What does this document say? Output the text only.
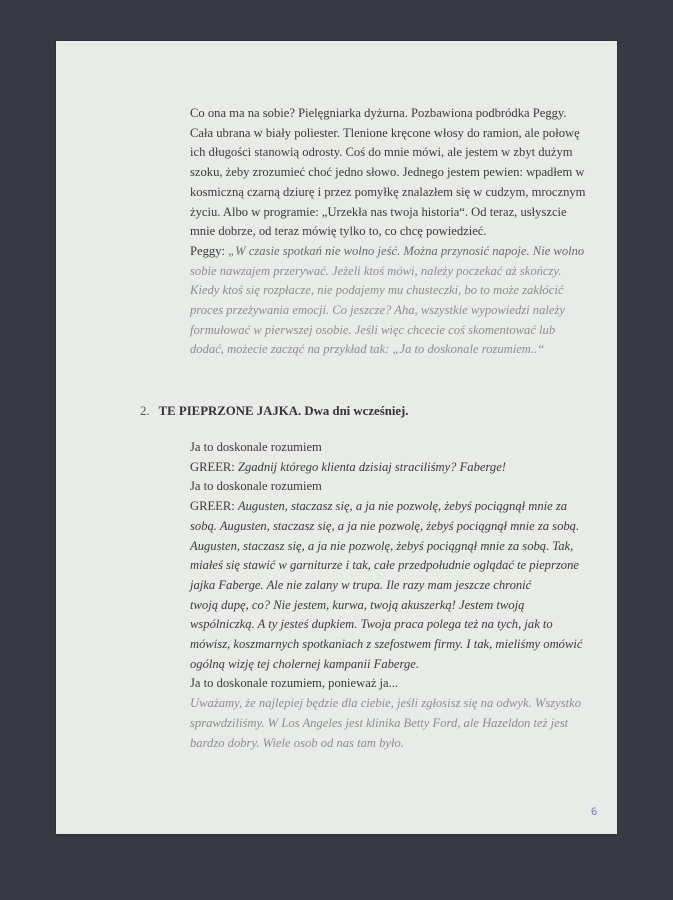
Co ona ma na sobie? Pielęgniarka dyżurna. Pozbawiona podbródka Peggy.
Cała ubrana w biały poliester. Tlenione kręcone włosy do ramion, ale połowę
ich długości stanowią odrosty. Coś do mnie mówi, ale jestem w zbyt dużym
szoku, żeby zrozumieć choć jedno słowo. Jednego jestem pewien: wpadłem w
kosmiczną czarną dziurę i przez pomyłkę znalazłem się w cudzym, mrocznym
życiu. Albo w programie: „Urzekła nas twoja historia“. Od teraz, usłyszcie
mnie dobrze, od teraz mówię tylko to, co chcę powiedzieć.

Peggy: „W czasie spotkań nie wolno jeść. Można przynosić napoje. Nie wolno
sobie nawzajem przerywać. Jeżeli ktoś mówi, należy poczekać aż skończy.
Kiedy ktoś się rozpłacze, nie podajemy mu chusteczki, bo to może zakłócić
proces przeżywania emocji. Co jeszcze? Aha, wszystkie wypowiedzi należy
formułować w pierwszej osobie. Jeśli więc chcecie coś skomentować lub
dodać, możecie zacząć na przykład tak: „Ja to doskonale rozumiem..“

2. TE PIEPRZONE JAJKA. Dwa dni wcześniej.
Ja to doskonale rozumiem
GREER: Zgadnij którego klienta dzisiaj straciliśmy? Faberge!
Ja to doskonale rozumiem
GREER: Augusten, staczasz się, a ja nie pozwolę, żebyś pociągnął mnie za
sobą. Augusten, staczasz się, a ja nie pozwolę, żebyś pociągnął mnie za sobą.
Augusten, staczasz się, a ja nie pozwolę, żebyś pociągnął mnie za sobą. Tak,
miałeś się stawić w garniturze i tak, całe przedpołudnie oglądać te pieprzone
jajka Faberge. Ale nie zalany w trupa. Ile razy mam jeszcze chronić
twoją dupę, co? Nie jestem, kurwa, twoją akuszerką! Jestem twoją
wspólniczką. A ty jesteś dupkiem. Twoja praca polega też na tych, jak to
mówisz, koszmarnych spotkaniach z szefostwem firmy. I tak, mieliśmy omówić
ogólną wizję tej cholernej kampanii Faberge.
Ja to doskonale rozumiem, ponieważ ja...
Uważamy, że najlepiej będzie dla ciebie, jeśli zgłosisz się na odwyk. Wszystko
sprawdziliśmy. W Los Angeles jest klinika Betty Ford, ale Hazeldon też jest
bardzo dobry. Wiele osob od nas tam było.
6
